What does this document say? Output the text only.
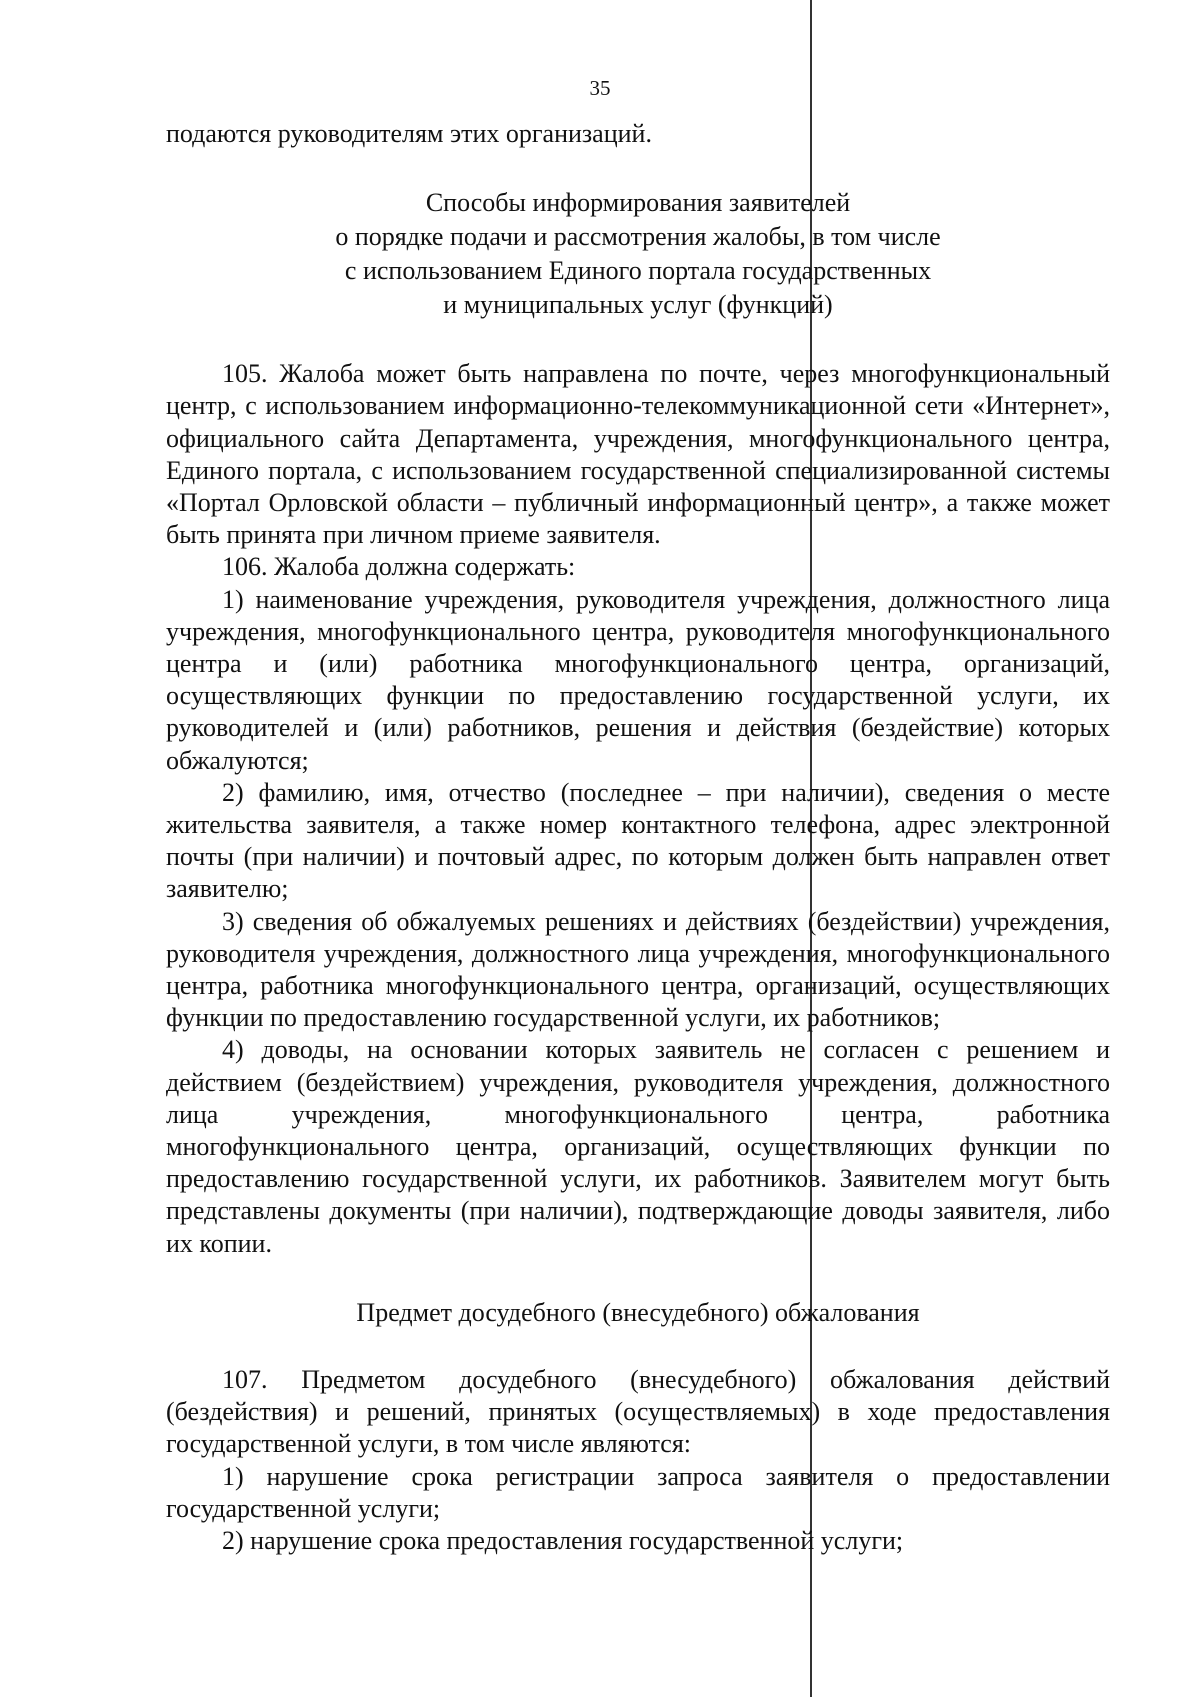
35

подаются руководителям этих организаций.

Способы информирования заявителей
о порядке подачи и рассмотрения жалобы, в том числе
с использованием Единого портала государственных
и муниципальных услуг (функций)

105. Жалоба может быть направлена по почте, через многофункциональный центр, с использованием информационно-телекоммуникационной сети «Интернет», официального сайта Департамента, учреждения, многофункционального центра, Единого портала, с использованием государственной специализированной системы «Портал Орловской области – публичный информационный центр», а также может быть принята при личном приеме заявителя.

106. Жалоба должна содержать:

1) наименование учреждения, руководителя учреждения, должностного лица учреждения, многофункционального центра, руководителя многофункционального центра и (или) работника многофункционального центра, организаций, осуществляющих функции по предоставлению государственной услуги, их руководителей и (или) работников, решения и действия (бездействие) которых обжалуются;

2) фамилию, имя, отчество (последнее – при наличии), сведения о месте жительства заявителя, а также номер контактного телефона, адрес электронной почты (при наличии) и почтовый адрес, по которым должен быть направлен ответ заявителю;

3) сведения об обжалуемых решениях и действиях (бездействии) учреждения, руководителя учреждения, должностного лица учреждения, многофункционального центра, работника многофункционального центра, организаций, осуществляющих функции по предоставлению государственной услуги, их работников;

4) доводы, на основании которых заявитель не согласен с решением и действием (бездействием) учреждения, руководителя учреждения, должностного лица учреждения, многофункционального центра, работника многофункционального центра, организаций, осуществляющих функции по предоставлению государственной услуги, их работников. Заявителем могут быть представлены документы (при наличии), подтверждающие доводы заявителя, либо их копии.

Предмет досудебного (внесудебного) обжалования

107. Предметом досудебного (внесудебного) обжалования действий (бездействия) и решений, принятых (осуществляемых) в ходе предоставления государственной услуги, в том числе являются:

1) нарушение срока регистрации запроса заявителя о предоставлении государственной услуги;

2) нарушение срока предоставления государственной услуги;
